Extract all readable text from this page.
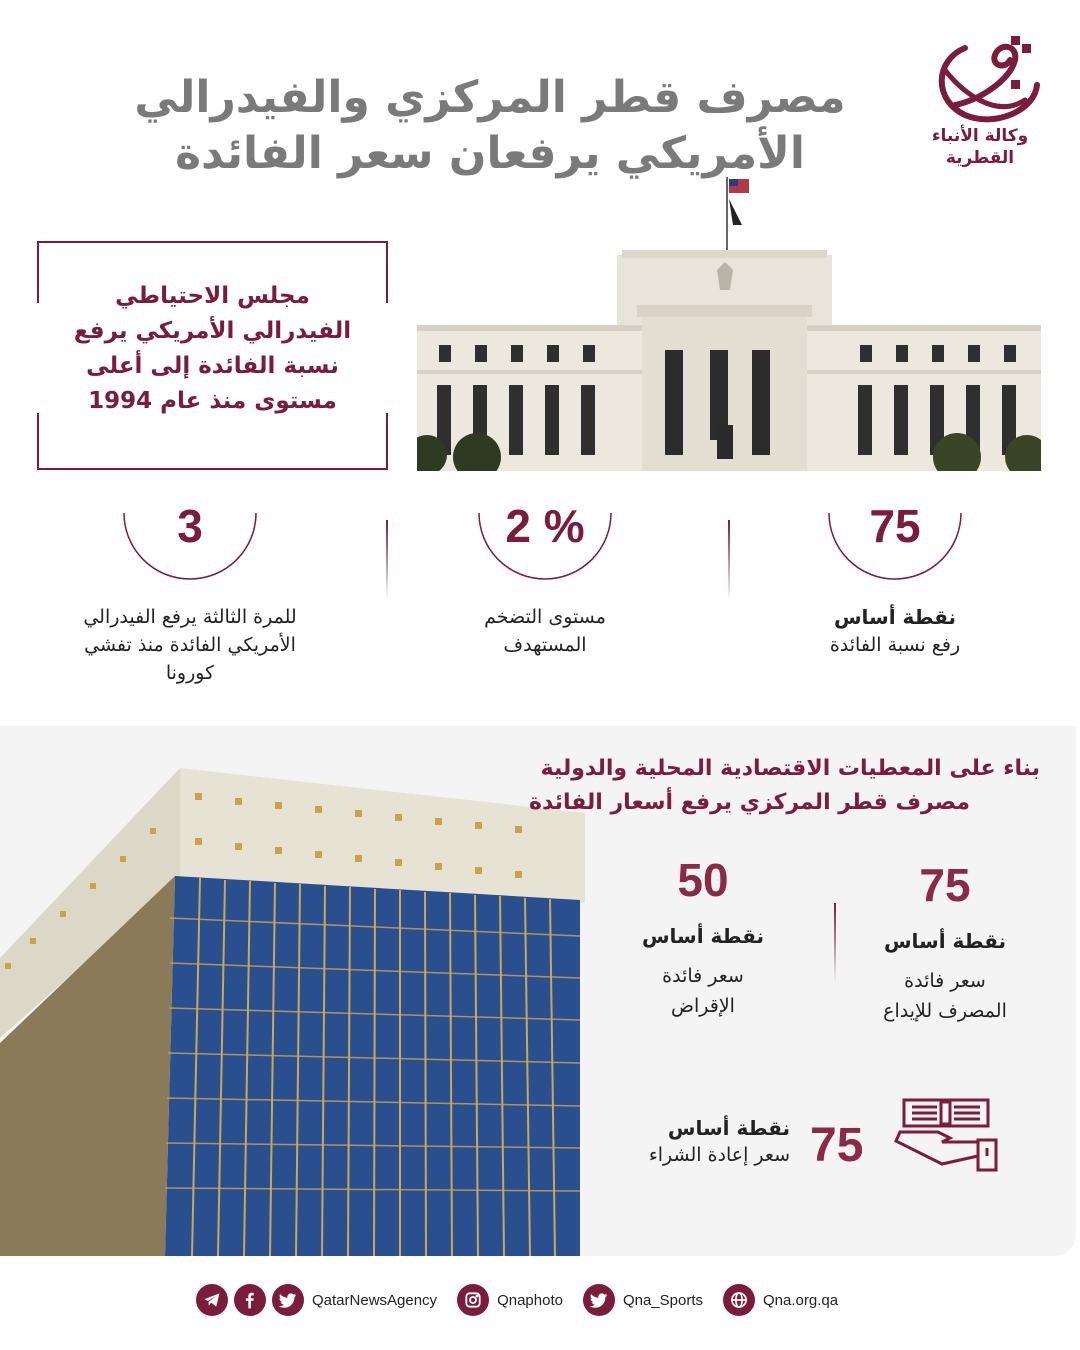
مصرف قطر المركزي والفيدرالي
الأمريكي يرفعان سعر الفائدة	وكالة الأنباء
القطرية
مجلس الاحتياطي
الفيدرالي الأمريكي يرفع
نسبة الفائدة إلى أعلى
مستوى منذ عام 1994
75
نقطة أساس
رفع نسبة الفائدة
2 %
مستوى التضخم
المستهدف
3
للمرة الثالثة يرفع الفيدرالي
الأمريكي الفائدة منذ تفشي
كورونا
بناء على المعطيات الاقتصادية المحلية والدولية
مصرف قطر المركزي يرفع أسعار الفائدة
75
نقطة أساس
سعر فائدة
المصرف للإيداع
50
نقطة أساس
سعر فائدة
الإقراض
نقطة أساس
سعر إعادة الشراء 75
QatarNewsAgency	Qnaphoto	Qna_Sports	Qna.org.qa
